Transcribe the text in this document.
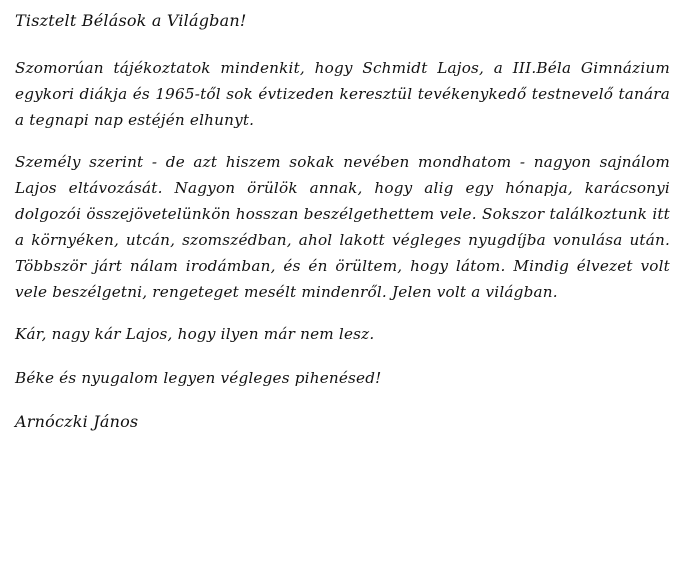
Tisztelt Bélások a Világban!

Szomorúan tájékoztatok mindenkit, hogy Schmidt Lajos, a III.Béla Gimnázium egykori diákja és 1965-től sok évtizeden keresztül tevékenykedő testnevelő tanára a tegnapi nap estéjén elhunyt.

Személy szerint - de azt hiszem sokak nevében mondhatom - nagyon sajnálom Lajos eltávozását. Nagyon örülök annak, hogy alig egy hónapja, karácsonyi dolgozói összejövetelünkön hosszan beszélgethettem vele. Sokszor találkoztunk itt a környéken, utcán, szomszédban, ahol lakott végleges nyugdíjba vonulása után. Többször járt nálam irodámban, és én örültem, hogy látom. Mindig élvezet volt vele beszélgetni, rengeteget mesélt mindenről. Jelen volt a világban.

Kár, nagy kár Lajos, hogy ilyen már nem lesz.

Béke és nyugalom legyen végleges pihenésed!

Arnóczki János
